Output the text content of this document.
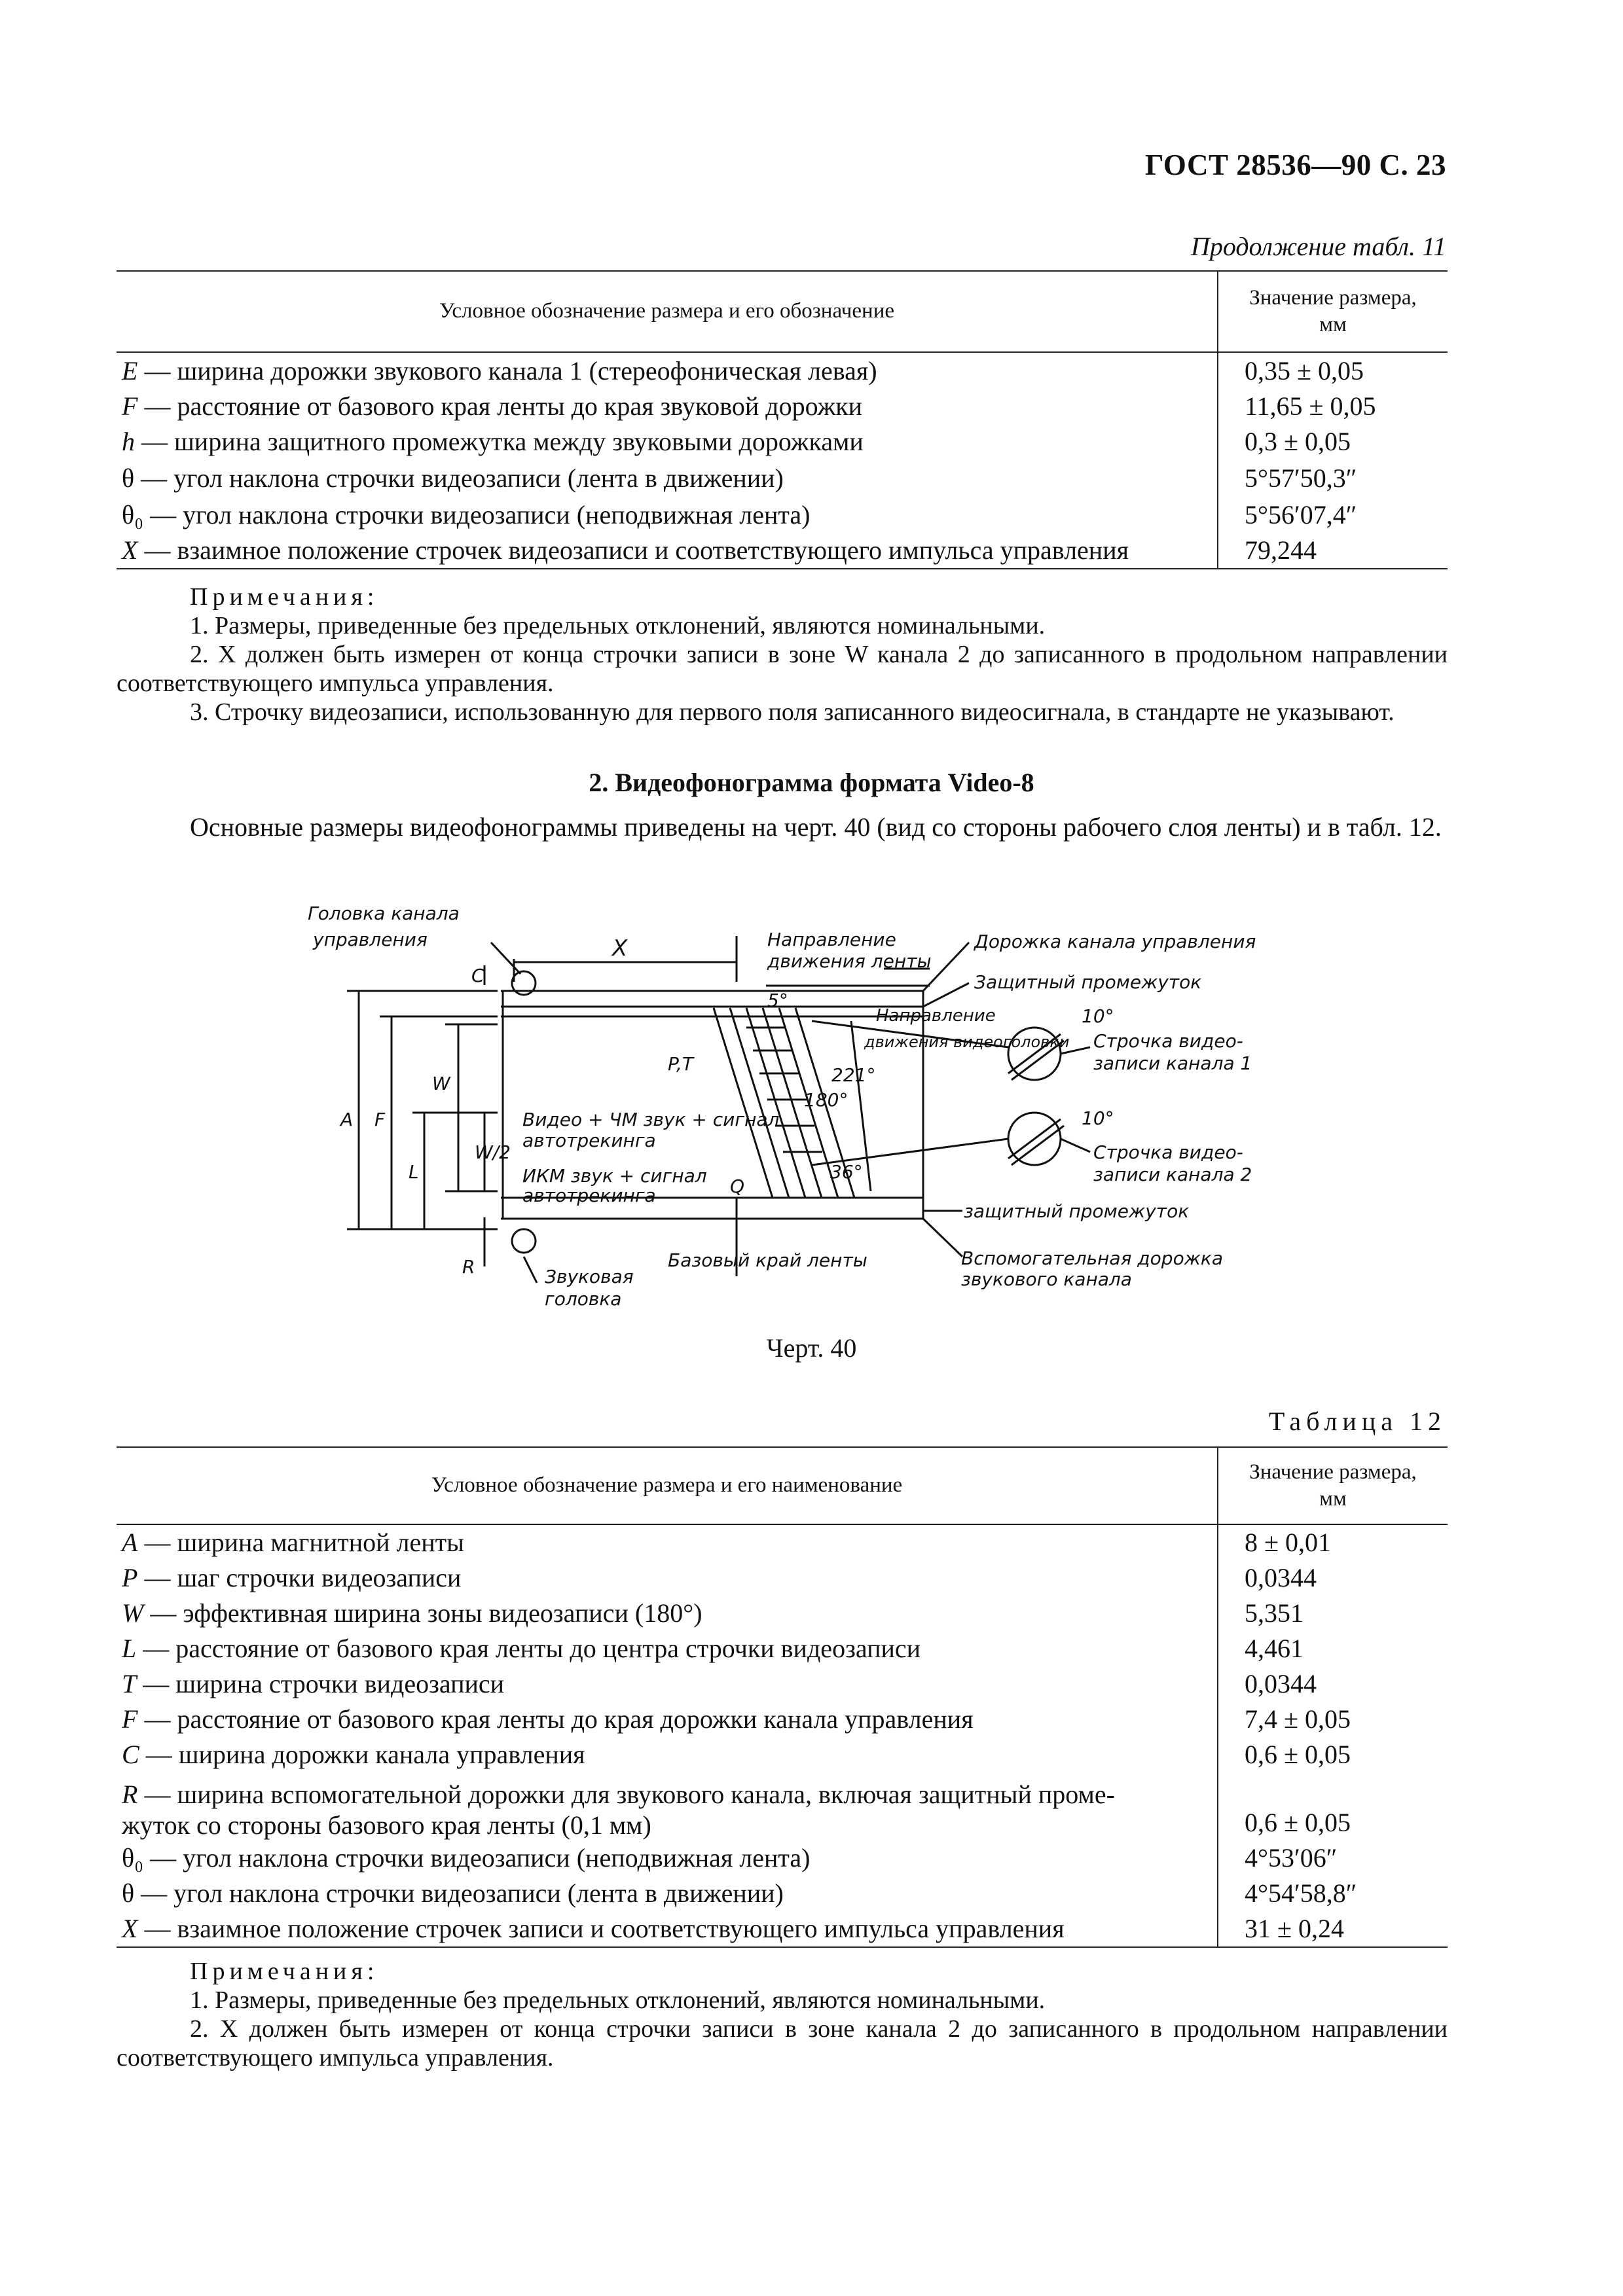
ГОСТ 28536—90 С. 23
Продолжение табл. 11
Условное обозначение размера и его обозначение	Значение размера,
мм
E — ширина дорожки звукового канала 1 (стереофоническая левая)	0,35 ± 0,05
F — расстояние от базового края ленты до края звуковой дорожки	11,65 ± 0,05
h — ширина защитного промежутка между звуковыми дорожками	0,3 ± 0,05
θ — угол наклона строчки видеозаписи (лента в движении)	5°57′50,3″
θ₀ — угол наклона строчки видеозаписи (неподвижная лента)	5°56′07,4″
X — взаимное положение строчек видеозаписи и соответствующего импульса управления	79,244
Примечания:
1. Размеры, приведенные без предельных отклонений, являются номинальными.
2. X должен быть измерен от конца строчки записи в зоне W канала 2 до записанного в продольном направлении соответствующего импульса управления.
3. Строчку видеозаписи, использованную для первого поля записанного видеосигнала, в стандарте не указывают.
2. Видеофонограмма формата Video-8
Основные размеры видеофонограммы приведены на черт. 40 (вид со стороны рабочего слоя ленты) и в табл. 12.
Головка канала
управления	X	Направление
движения ленты
Дорожка канала управления
Защитный промежуток
C
W
W/2
A F
L
R
P,T
Q
5°
180°
221°
36°
Направление
движения видеоголовки
Видео + ЧМ звук + сигнал
автотрекинга
ИКМ звук + сигнал
автотрекинга
Базовый край ленты
Звуковая
головка
защитный промежуток
Вспомогательная дорожка
звукового канала
10°
10°
Строчка видео-
записи канала 1
Строчка видео-
записи канала 2
Черт. 40
Таблица 12
Условное обозначение размера и его наименование	Значение размера,
мм
A — ширина магнитной ленты	8 ± 0,01
P — шаг строчки видеозаписи	0,0344
W — эффективная ширина зоны видеозаписи (180°)	5,351
L — расстояние от базового края ленты до центра строчки видеозаписи	4,461
T — ширина строчки видеозаписи	0,0344
F — расстояние от базового края ленты до края дорожки канала управления	7,4 ± 0,05
C — ширина дорожки канала управления	0,6 ± 0,05

R — ширина вспомогательной дорожки для звукового канала, включая защитный проме-
жуток со стороны базового края ленты (0,1 мм)	0,6 ± 0,05
θ₀ — угол наклона строчки видеозаписи (неподвижная лента)	4°53′06″
θ — угол наклона строчки видеозаписи (лента в движении)	4°54′58,8″
X — взаимное положение строчек записи и соответствующего импульса управления	31 ± 0,24
Примечания:
1. Размеры, приведенные без предельных отклонений, являются номинальными.
2. X должен быть измерен от конца строчки записи в зоне канала 2 до записанного в продольном направлении соответствующего импульса управления.
